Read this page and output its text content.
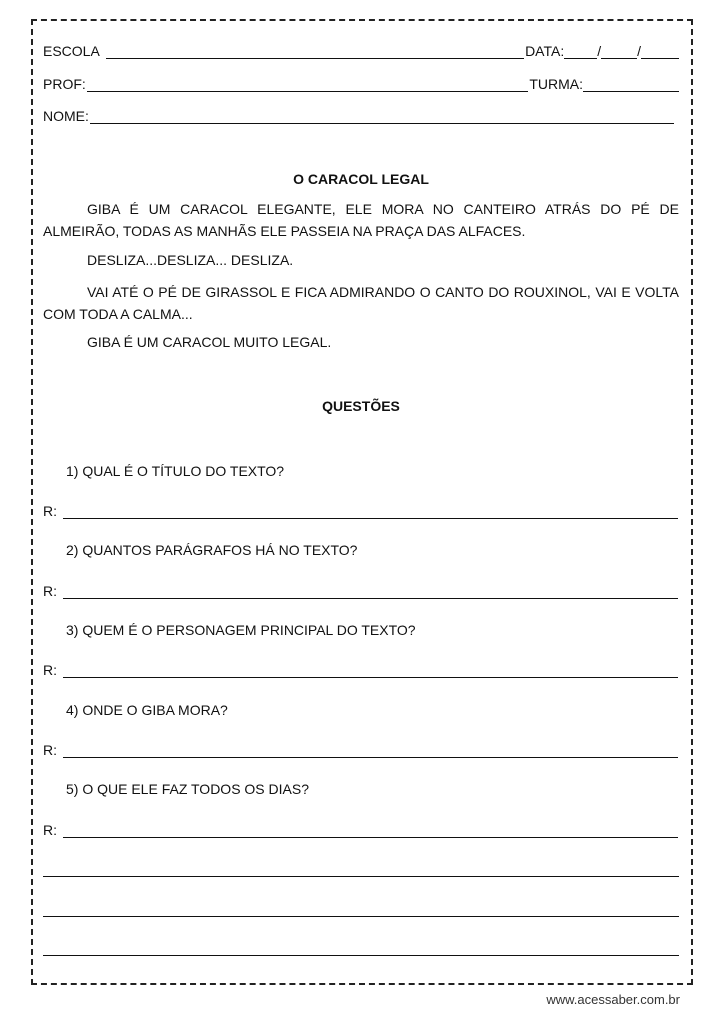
ESCOLA	DATA: /	/
PROF:	TURMA:
NOME:
O CARACOL LEGAL

GIBA É UM CARACOL ELEGANTE, ELE MORA NO CANTEIRO ATRÁS DO PÉ DE ALMEIRÃO, TODAS AS MANHÃS ELE PASSEIA NA PRAÇA DAS ALFACES.

DESLIZA...DESLIZA... DESLIZA.

VAI ATÉ O PÉ DE GIRASSOL E FICA ADMIRANDO O CANTO DO ROUXINOL, VAI E VOLTA COM TODA A CALMA...

GIBA É UM CARACOL MUITO LEGAL.

QUESTÕES
1) QUAL É O TÍTULO DO TEXTO?
R:
2) QUANTOS PARÁGRAFOS HÁ NO TEXTO?
R:
3) QUEM É O PERSONAGEM PRINCIPAL DO TEXTO?
R:
4) ONDE O GIBA MORA?
R:
5) O QUE ELE FAZ TODOS OS DIAS?
R:
www.acessaber.com.br
